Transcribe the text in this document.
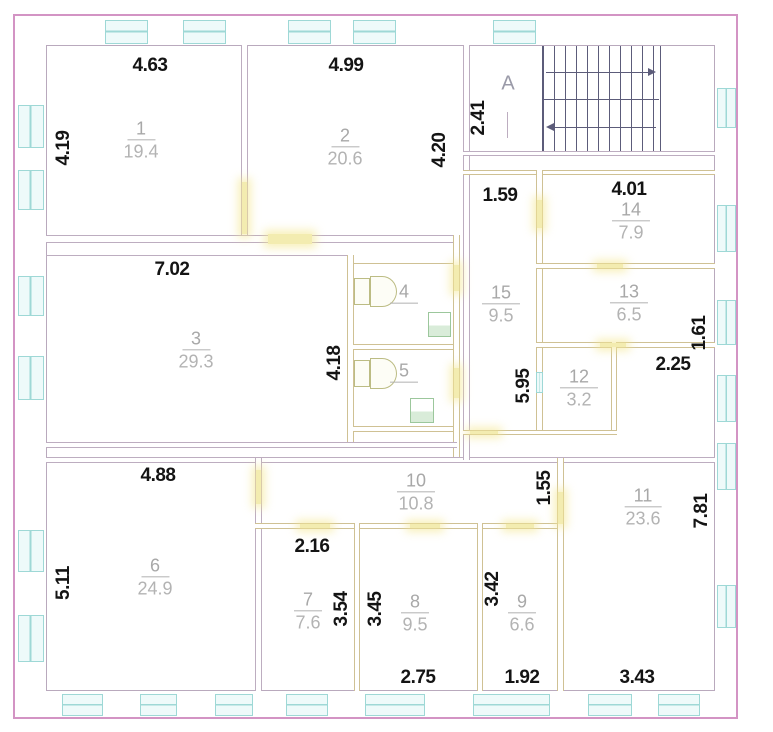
A
1
19.4
2
20.6
3
29.3
4
5
6
24.9
7
7.6
8
9.5
9
6.6
10
10.8	11
23.6
12
3.2
13
6.5
14
7.9
15
9.5
4.63	4.99
4.19	4.20
2.41
7.02
4.18
1.59	4.01
1.61
2.25
5.95
4.88
5.11
2.16
3.54 3.45
3.42
1.55
7.81
2.75	1.92	3.43
